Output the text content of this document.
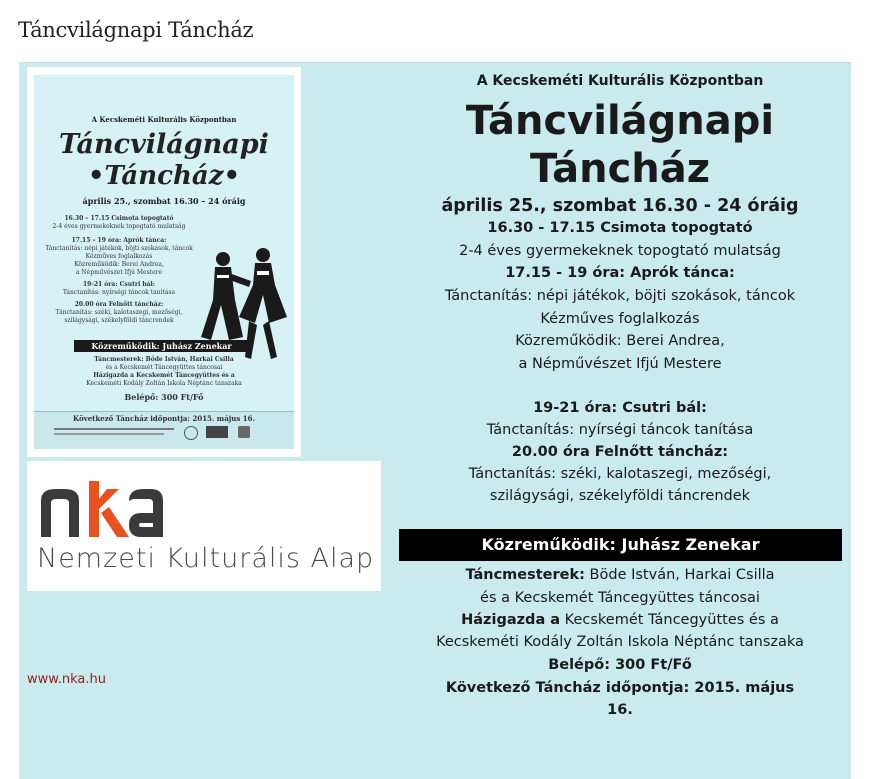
Táncvilágnapi Táncház
A Kecskeméti Kulturális Központban
Táncvilágnapi
•Táncház•
április 25., szombat 16.30 – 24 óráig
16.30 – 17.15 Csimota topogtató
2-4 éves gyermekeknek topogtató mulatság
17.15 – 19 óra: Aprók tánca:
Tánctanítás: népi játékok, böjti szokások, táncok
Kézműves foglalkozás
Közreműködik: Berei Andrea,
a Népművészet Ifjú Mestere
19-21 óra: Csutri bál:
Tánctanítás: nyírségi táncok tanítása
20.00 óra Felnőtt táncház:
Tánctanítás: széki, kalotaszegi, mezőségi,
szilágysági, székelyföldi táncrendek
Közreműködik: Juhász Zenekar
Táncmesterek: Böde István, Harkai Csilla
és a Kecskemét Táncegyüttes táncosai
Házigazda a Kecskemét Táncegyüttes és a
Kecskeméti Kodály Zoltán Iskola Néptánc tanszaka
Belépő: 300 Ft/Fő
Következő Táncház időpontja: 2015. május 16.
Nemzeti Kulturális Alap
www.nka.hu
A Kecskeméti Kulturális Központban
Táncvilágnapi
Táncház
április 25., szombat 16.30 - 24 óráig
16.30 - 17.15 Csimota topogtató
2-4 éves gyermekeknek topogtató mulatság
17.15 - 19 óra: Aprók tánca:
Tánctanítás: népi játékok, böjti szokások, táncok
Kézműves foglalkozás
Közreműködik: Berei Andrea,
a Népművészet Ifjú Mestere
19-21 óra: Csutri bál:
Tánctanítás: nyírségi táncok tanítása
20.00 óra Felnőtt táncház:
Tánctanítás: széki, kalotaszegi, mezőségi,
szilágysági, székelyföldi táncrendek
Közreműködik: Juhász Zenekar
Táncmesterek: Böde István, Harkai Csilla
és a Kecskemét Táncegyüttes táncosai
Házigazda a Kecskemét Táncegyüttes és a
Kecskeméti Kodály Zoltán Iskola Néptánc tanszaka
Belépő: 300 Ft/Fő
Következő Táncház időpontja: 2015. május
16.
